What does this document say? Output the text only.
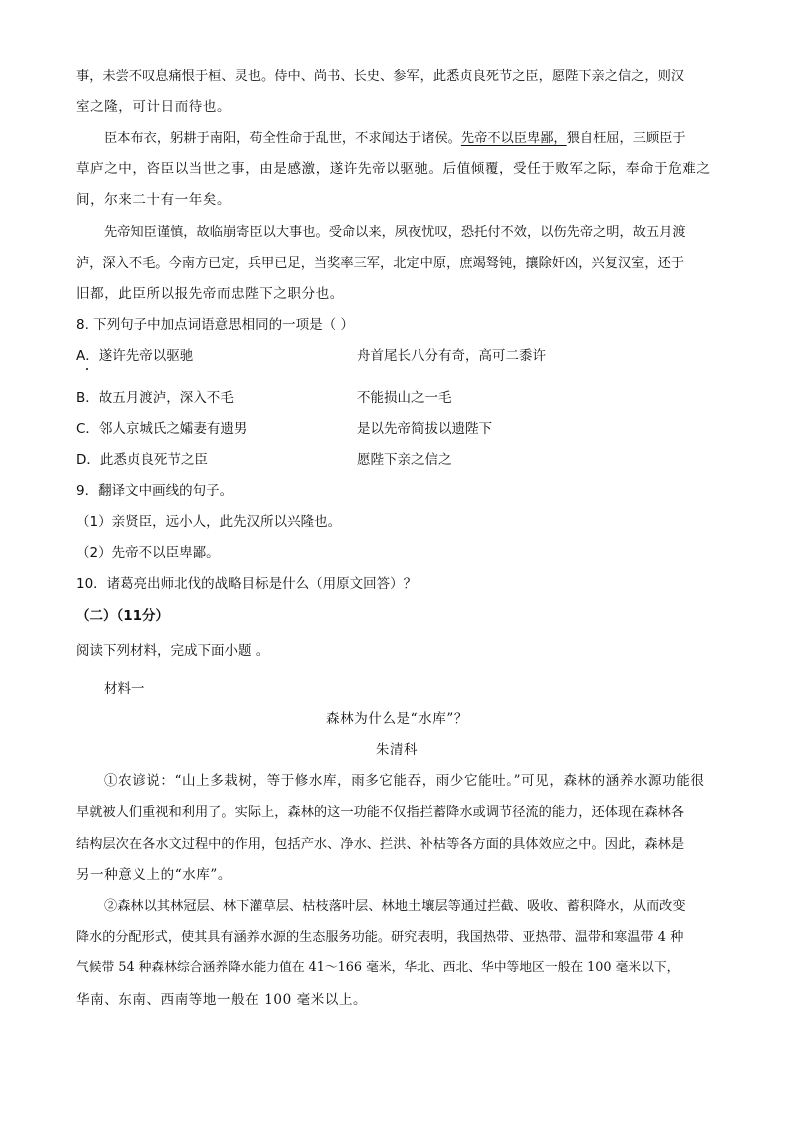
事，未尝不叹息痛恨于桓、灵也。侍中、尚书、长史、参军，此悉贞良死节之臣，愿陛下亲之信之，则汉
室之隆，可计日而待也。
臣本布衣，躬耕于南阳，苟全性命于乱世，不求闻达于诸侯。先帝不以臣卑鄙，猥自枉屈，三顾臣于
草庐之中，咨臣以当世之事，由是感激，遂许先帝以驱驰。后值倾覆，受任于败军之际，奉命于危难之
间，尔来二十有一年矣。
先帝知臣谨慎，故临崩寄臣以大事也。受命以来，夙夜忧叹，恐托付不效，以伤先帝之明，故五月渡
泸，深入不毛。今南方已定，兵甲已足，当奖率三军，北定中原，庶竭驽钝，攘除奸凶，兴复汉室，还于
旧都，此臣所以报先帝而忠陛下之职分也。
8. 下列句子中加点词语意思相同的一项是（ ）
A．遂许先帝以驱驰	舟首尾长八分有奇，高可二黍许
B．故五月渡泸，深入不毛	不能损山之一毛
C．邻人京城氏之孀妻有遗男	是以先帝简拔以遗陛下
D．此悉贞良死节之臣	愿陛下亲之信之
9．翻译文中画线的句子。
（1）亲贤臣，远小人，此先汉所以兴隆也。
（2）先帝不以臣卑鄙。
10．诸葛亮出师北伐的战略目标是什么（用原文回答）？
（二）（11分）
阅读下列材料，完成下面小题 。
材料一
森林为什么是“水库”？
朱清科
①农谚说：“山上多栽树，等于修水库，雨多它能吞，雨少它能吐。”可见，森林的涵养水源功能很
早就被人们重视和利用了。实际上，森林的这一功能不仅指拦蓄降水或调节径流的能力，还体现在森林各
结构层次在各水文过程中的作用，包括产水、净水、拦洪、补枯等各方面的具体效应之中。因此，森林是
另一种意义上的“水库”。
②森林以其林冠层、林下灌草层、枯枝落叶层、林地土壤层等通过拦截、吸收、蓄积降水，从而改变
降水的分配形式，使其具有涵养水源的生态服务功能。研究表明，我国热带、亚热带、温带和寒温带 4 种
气候带 54 种森林综合涵养降水能力值在 41～166 毫米，华北、西北、华中等地区一般在 100 毫米以下，
华南、东南、西南等地一般在 100 毫米以上。
